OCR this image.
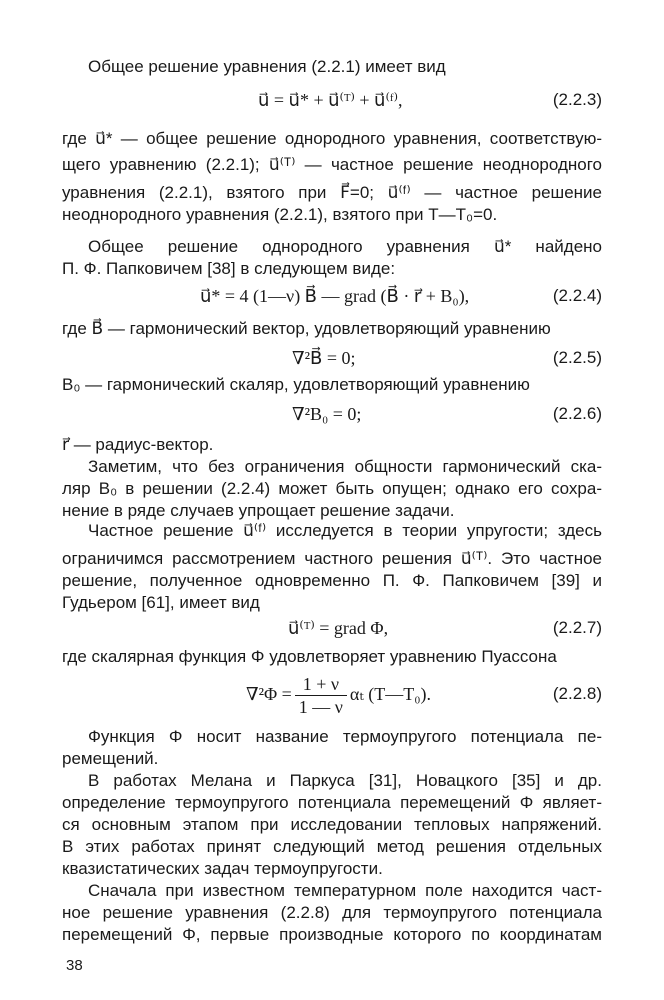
Общее решение уравнения (2.2.1) имеет вид
u⃗ = u⃗* + u⃗⁽ᵀ⁾ + u⃗⁽ᶠ⁾,	(2.2.3)
где u⃗* — общее решение однородного уравнения, соответствую-
щего уравнению (2.2.1); u⃗⁽ᵀ⁾ — частное решение неоднородного
уравнения (2.2.1), взятого при F⃗=0; u⃗⁽ᶠ⁾ — частное решение
неоднородного уравнения (2.2.1), взятого при T—T₀=0.
Общее решение однородного уравнения u⃗* найдено
П. Ф. Папковичем [38] в следующем виде:
u⃗* = 4 (1—ν) B⃗ — grad (B⃗ · r⃗ + B₀),	(2.2.4)
где B⃗ — гармонический вектор, удовлетворяющий уравнению
∇²B⃗ = 0;	(2.2.5)
B₀ — гармонический скаляр, удовлетворяющий уравнению
∇²B₀ = 0;	(2.2.6)
r⃗ — радиус-вектор.
Заметим, что без ограничения общности гармонический ска-
ляр B₀ в решении (2.2.4) может быть опущен; однако его сохра-
нение в ряде случаев упрощает решение задачи.
Частное решение u⃗⁽ᶠ⁾ исследуется в теории упругости; здесь
ограничимся рассмотрением частного решения u⃗⁽ᵀ⁾. Это частное
решение, полученное одновременно П. Ф. Папковичем [39] и
Гудьером [61], имеет вид
u⃗⁽ᵀ⁾ = grad Φ,	(2.2.7)
где скалярная функция Φ удовлетворяет уравнению Пуассона
$\nabla^2\Phi = \frac{1 + \nu}{1 — \nu}$ αₜ (T—T₀).	(2.2.8)
Функция Φ носит название термоупругого потенциала пе-
ремещений.
В работах Мелана и Паркуса [31], Новацкого [35] и др.
определение термоупругого потенциала перемещений Φ являет-
ся основным этапом при исследовании тепловых напряжений.
В этих работах принят следующий метод решения отдельных
квазистатических задач термоупругости.
Сначала при известном температурном поле находится част-
ное решение уравнения (2.2.8) для термоупругого потенциала
перемещений Φ, первые производные которого по координатам
38
